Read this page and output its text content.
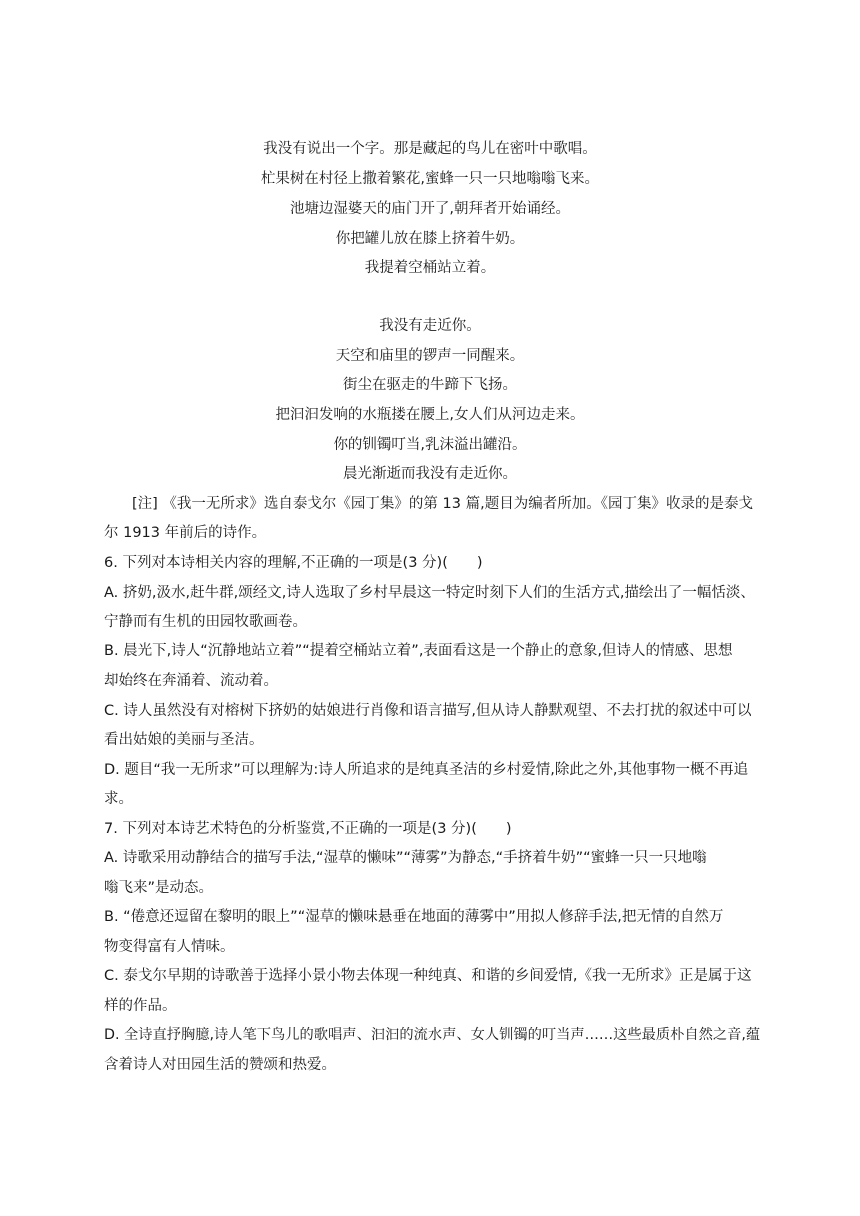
我没有说出一个字。那是藏起的鸟儿在密叶中歌唱。
杧果树在村径上撒着繁花,蜜蜂一只一只地嗡嗡飞来。
池塘边湿婆天的庙门开了,朝拜者开始诵经。
你把罐儿放在膝上挤着牛奶。
我提着空桶站立着。
我没有走近你。
天空和庙里的锣声一同醒来。
街尘在驱走的牛蹄下飞扬。
把汩汩发响的水瓶搂在腰上,女人们从河边走来。
你的钏镯叮当,乳沫溢出罐沿。
晨光渐逝而我没有走近你。
[注] 《我一无所求》选自泰戈尔《园丁集》的第 13 篇,题目为编者所加。《园丁集》收录的是泰戈
尔 1913 年前后的诗作。
6. 下列对本诗相关内容的理解,不正确的一项是(3 分)(　　)
A. 挤奶,汲水,赶牛群,颂经文,诗人选取了乡村早晨这一特定时刻下人们的生活方式,描绘出了一幅恬淡、
宁静而有生机的田园牧歌画卷。
B. 晨光下,诗人“沉静地站立着”“提着空桶站立着”,表面看这是一个静止的意象,但诗人的情感、思想
却始终在奔涌着、流动着。
C. 诗人虽然没有对榕树下挤奶的姑娘进行肖像和语言描写,但从诗人静默观望、不去打扰的叙述中可以
看出姑娘的美丽与圣洁。
D. 题目“我一无所求”可以理解为:诗人所追求的是纯真圣洁的乡村爱情,除此之外,其他事物一概不再追
求。
7. 下列对本诗艺术特色的分析鉴赏,不正确的一项是(3 分)(　　)
A. 诗歌采用动静结合的描写手法,“湿草的懒味”“薄雾”为静态,“手挤着牛奶”“蜜蜂一只一只地嗡
嗡飞来”是动态。
B. “倦意还逗留在黎明的眼上”“湿草的懒味悬垂在地面的薄雾中”用拟人修辞手法,把无情的自然万
物变得富有人情味。
C. 泰戈尔早期的诗歌善于选择小景小物去体现一种纯真、和谐的乡间爱情,《我一无所求》正是属于这
样的作品。
D. 全诗直抒胸臆,诗人笔下鸟儿的歌唱声、汩汩的流水声、女人钏镯的叮当声……这些最质朴自然之音,蕴
含着诗人对田园生活的赞颂和热爱。
